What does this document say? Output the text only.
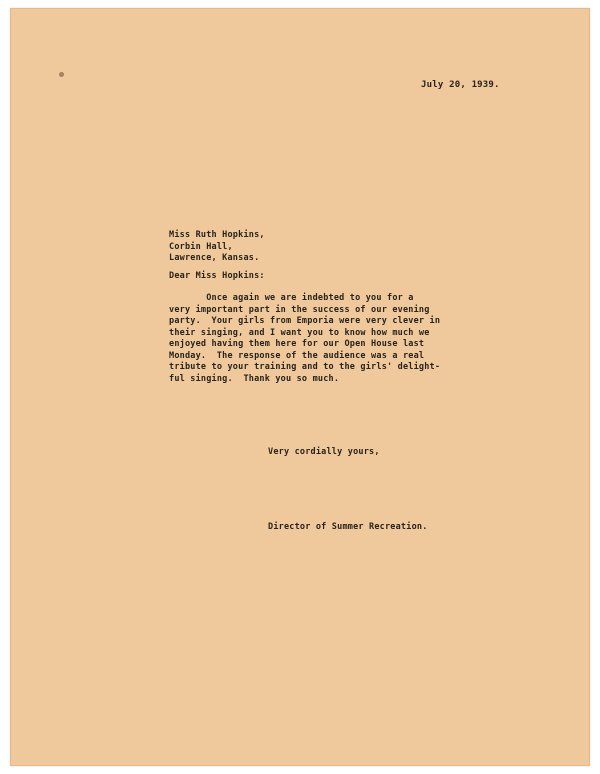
July 20, 1939.
Miss Ruth Hopkins,
Corbin Hall,
Lawrence, Kansas.
Dear Miss Hopkins:
Once again we are indebted to you for a
very important part in the success of our evening
party.  Your girls from Emporia were very clever in
their singing, and I want you to know how much we
enjoyed having them here for our Open House last
Monday.  The response of the audience was a real
tribute to your training and to the girls' delight-
ful singing.  Thank you so much.
Very cordially yours,
Director of Summer Recreation.
